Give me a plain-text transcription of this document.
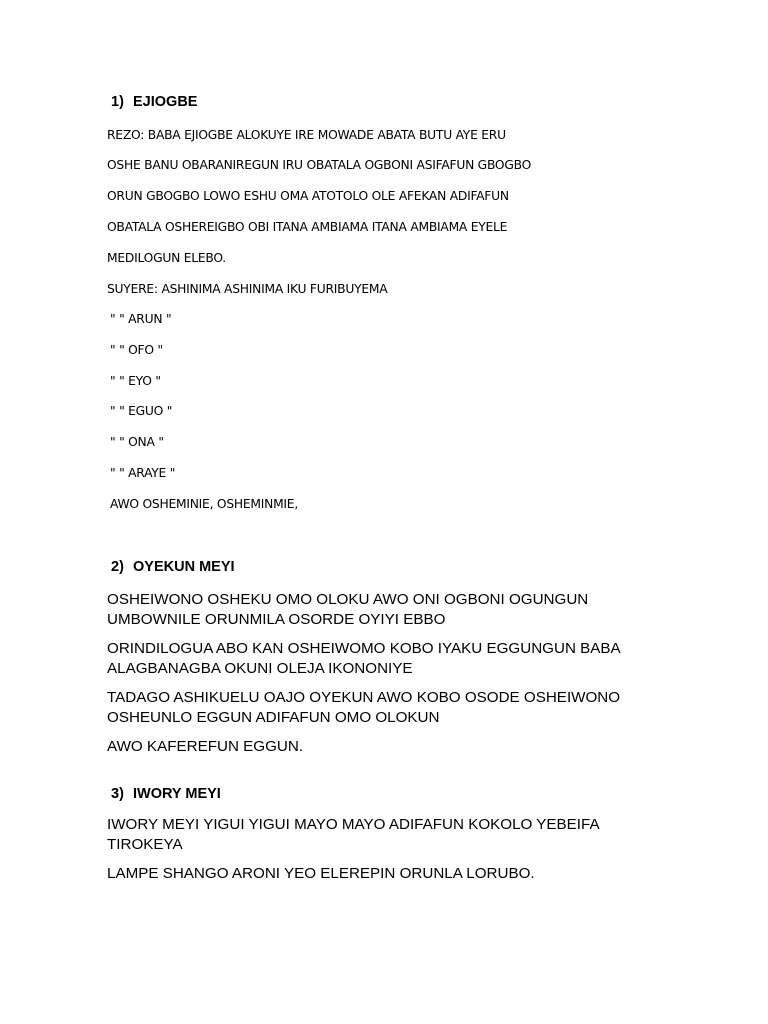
1) EJIOGBE
REZO: BABA EJIOGBE ALOKUYE IRE MOWADE ABATA BUTU AYE ERU
OSHE BANU OBARANIREGUN IRU OBATALA OGBONI ASIFAFUN GBOGBO
ORUN GBOGBO LOWO ESHU OMA ATOTOLO OLE AFEKAN ADIFAFUN
OBATALA OSHEREIGBO OBI ITANA AMBIAMA ITANA AMBIAMA EYELE
MEDILOGUN ELEBO.
SUYERE: ASHINIMA ASHINIMA IKU FURIBUYEMA
" " ARUN "
" " OFO "
" " EYO "
" " EGUO "
" " ONA "
" " ARAYE "
AWO OSHEMINIE, OSHEMINMIE,
2) OYEKUN MEYI
OSHEIWONO OSHEKU OMO OLOKU AWO ONI OGBONI OGUNGUN UMBOWNILE ORUNMILA OSORDE OYIYI EBBO
ORINDILOGUA ABO KAN OSHEIWOMO KOBO IYAKU EGGUNGUN BABA ALAGBANAGBA OKUNI OLEJA IKONONIYE
TADAGO ASHIKUELU OAJO OYEKUN AWO KOBO OSODE OSHEIWONO OSHEUNLO EGGUN ADIFAFUN OMO OLOKUN
AWO KAFEREFUN EGGUN.
3) IWORY MEYI
IWORY MEYI YIGUI YIGUI MAYO MAYO ADIFAFUN KOKOLO YEBEIFA TIROKEYA
LAMPE SHANGO ARONI YEO ELEREPIN ORUNLA LORUBO.
